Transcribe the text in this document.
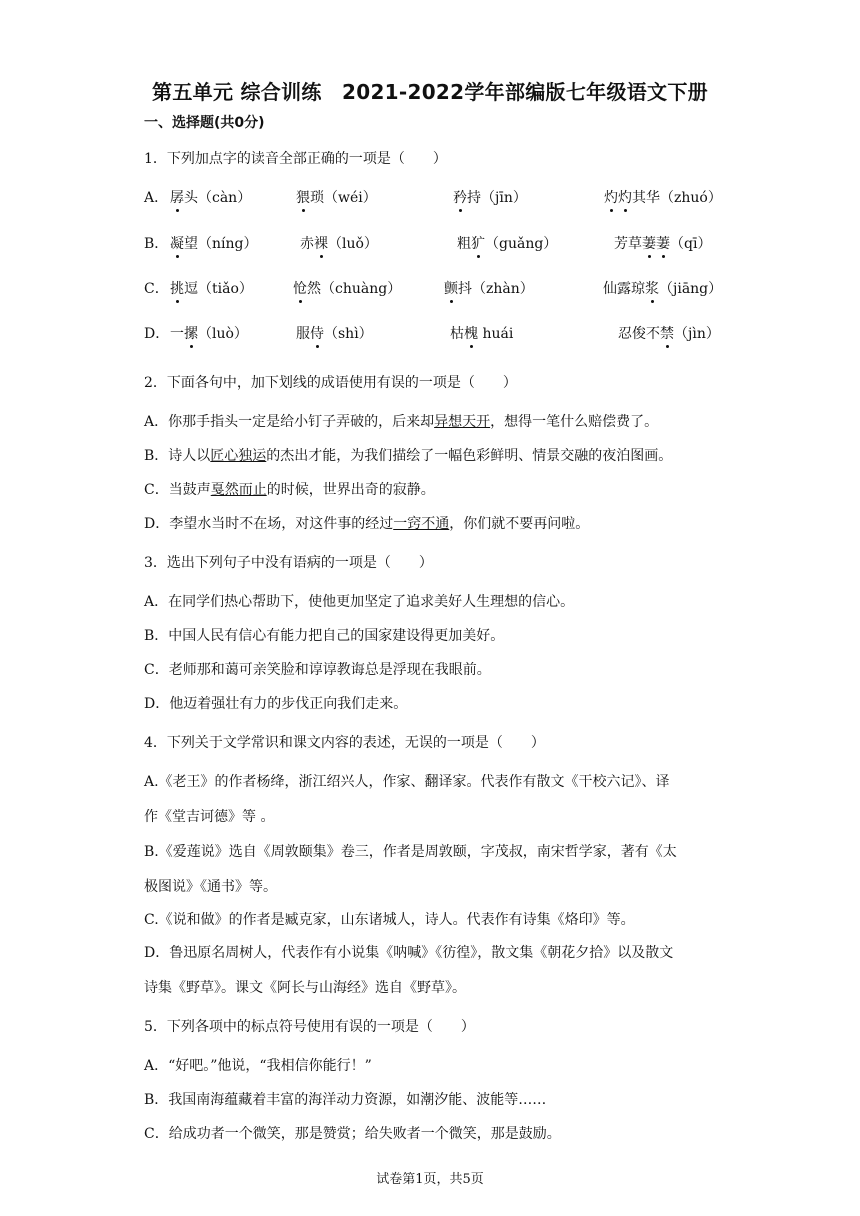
第五单元 综合训练　2021-2022学年部编版七年级语文下册
一、选择题(共0分)
1．下列加点字的读音全部正确的一项是（　　）
A． 孱头（càn）	猥琐（wéi）	矜持（jīn）	灼灼其华（zhuó）
B． 凝望（níng）	赤裸（luǒ）	粗犷（guǎng）	芳草萋萋（qī）
C． 挑逗（tiǎo）	怆然（chuàng）	颤抖（zhàn）	仙露琼浆（jiāng）
D． 一摞（luò）	服侍（shì）	枯槐 huái	忍俊不禁（jìn）
2．下面各句中，加下划线的成语使用有误的一项是（　　）
A．你那手指头一定是给小钉子弄破的，后来却异想天开，想得一笔什么赔偿费了。
B．诗人以匠心独运的杰出才能，为我们描绘了一幅色彩鲜明、情景交融的夜泊图画。
C．当鼓声戛然而止的时候，世界出奇的寂静。
D．李望水当时不在场，对这件事的经过一窍不通，你们就不要再问啦。
3．选出下列句子中没有语病的一项是（　　）
A．在同学们热心帮助下，使他更加坚定了追求美好人生理想的信心。
B．中国人民有信心有能力把自己的国家建设得更加美好。
C．老师那和蔼可亲笑脸和谆谆教诲总是浮现在我眼前。
D．他迈着强壮有力的步伐正向我们走来。
4．下列关于文学常识和课文内容的表述，无误的一项是（　　）
A.《老王》的作者杨绛，浙江绍兴人，作家、翻译家。代表作有散文《干校六记》、译
作《堂吉诃德》等 。
B.《爱莲说》选自《周敦颐集》卷三，作者是周敦颐，字茂叔，南宋哲学家，著有《太
极图说》《通书》等。
C.《说和做》的作者是臧克家，山东诸城人，诗人。代表作有诗集《烙印》等。
D．鲁迅原名周树人，代表作有小说集《呐喊》《彷徨》，散文集《朝花夕拾》以及散文
诗集《野草》。课文《阿长与山海经》选自《野草》。
5．下列各项中的标点符号使用有误的一项是（　　）
A．“好吧。”他说，“我相信你能行！”
B．我国南海蕴藏着丰富的海洋动力资源，如潮汐能、波能等……
C．给成功者一个微笑，那是赞赏；给失败者一个微笑，那是鼓励。
试卷第1页，共5页
